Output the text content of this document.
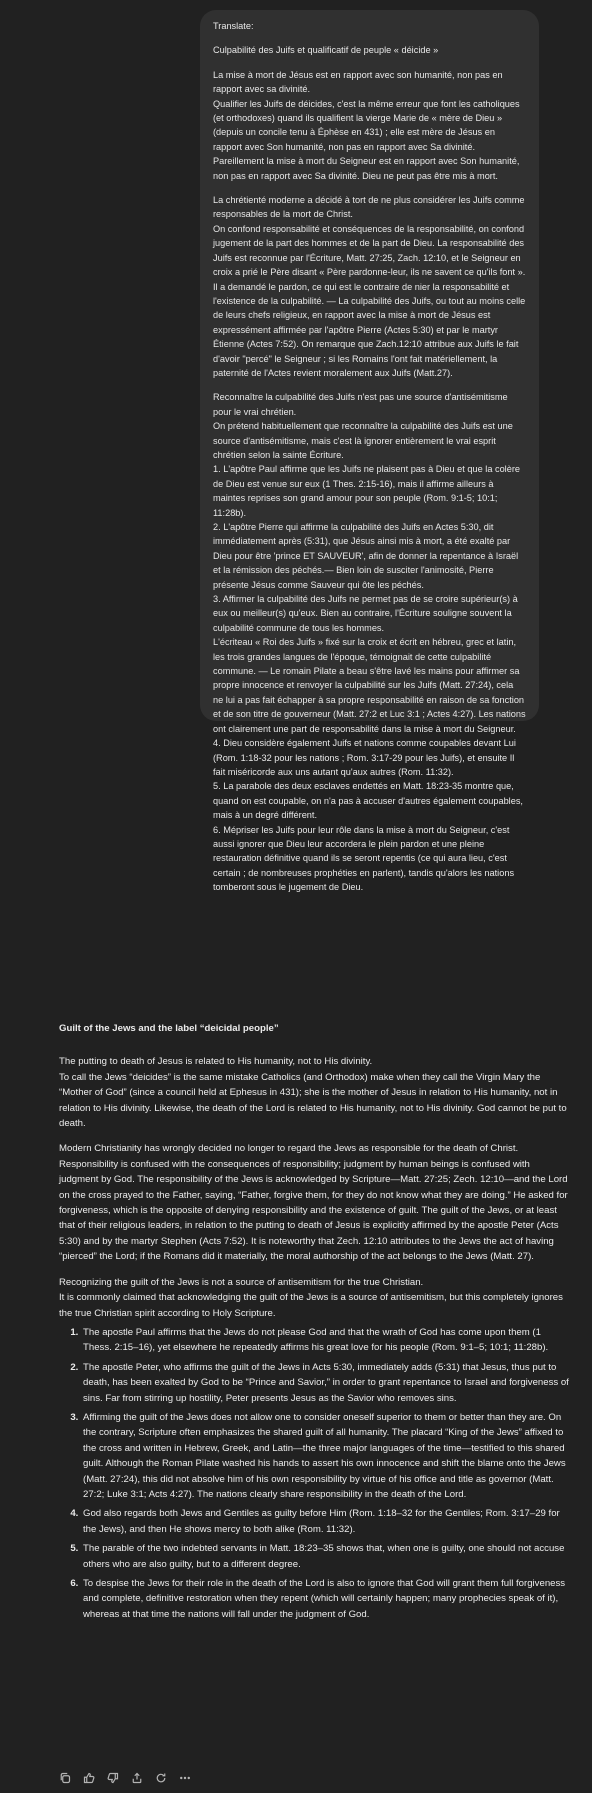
Translate:

Culpabilité des Juifs et qualificatif de peuple « déicide »

La mise à mort de Jésus est en rapport avec son humanité, non pas en rapport avec sa divinité.

Qualifier les Juifs de déicides, c'est la même erreur que font les catholiques (et orthodoxes) quand ils qualifient la vierge Marie de « mère de Dieu » (depuis un concile tenu à Éphèse en 431) ; elle est mère de Jésus en rapport avec Son humanité, non pas en rapport avec Sa divinité. Pareillement la mise à mort du Seigneur est en rapport avec Son humanité, non pas en rapport avec Sa divinité. Dieu ne peut pas être mis à mort.

La chrétienté moderne a décidé à tort de ne plus considérer les Juifs comme responsables de la mort de Christ.

On confond responsabilité et conséquences de la responsabilité, on confond jugement de la part des hommes et de la part de Dieu. La responsabilité des Juifs est reconnue par l'Écriture, Matt. 27:25, Zach. 12:10, et le Seigneur en croix a prié le Père disant « Père pardonne-leur, ils ne savent ce qu'ils font ». Il a demandé le pardon, ce qui est le contraire de nier la responsabilité et l'existence de la culpabilité. — La culpabilité des Juifs, ou tout au moins celle de leurs chefs religieux, en rapport avec la mise à mort de Jésus est expressément affirmée par l'apôtre Pierre (Actes 5:30) et par le martyr Étienne (Actes 7:52). On remarque que Zach.12:10 attribue aux Juifs le fait d'avoir "percé" le Seigneur ; si les Romains l'ont fait matériellement, la paternité de l'Actes revient moralement aux Juifs (Matt.27).

Reconnaître la culpabilité des Juifs n'est pas une source d'antisémitisme pour le vrai chrétien.

On prétend habituellement que reconnaître la culpabilité des Juifs est une source d'antisémitisme, mais c'est là ignorer entièrement le vrai esprit chrétien selon la sainte Écriture.

1. L'apôtre Paul affirme que les Juifs ne plaisent pas à Dieu et que la colère de Dieu est venue sur eux (1 Thes. 2:15-16), mais il affirme ailleurs à maintes reprises son grand amour pour son peuple (Rom. 9:1-5; 10:1; 11:28b).

2. L'apôtre Pierre qui affirme la culpabilité des Juifs en Actes 5:30, dit immédiatement après (5:31), que Jésus ainsi mis à mort, a été exalté par Dieu pour être 'prince ET SAUVEUR', afin de donner la repentance à Israël et la rémission des péchés.— Bien loin de susciter l'animosité, Pierre présente Jésus comme Sauveur qui ôte les péchés.

3. Affirmer la culpabilité des Juifs ne permet pas de se croire supérieur(s) à eux ou meilleur(s) qu'eux. Bien au contraire, l'Écriture souligne souvent la culpabilité commune de tous les hommes.

L'écriteau « Roi des Juifs » fixé sur la croix et écrit en hébreu, grec et latin, les trois grandes langues de l'époque, témoignait de cette culpabilité commune. — Le romain Pilate a beau s'être lavé les mains pour affirmer sa propre innocence et renvoyer la culpabilité sur les Juifs (Matt. 27:24), cela ne lui a pas fait échapper à sa propre responsabilité en raison de sa fonction et de son titre de gouverneur (Matt. 27:2 et Luc 3:1 ; Actes 4:27). Les nations ont clairement une part de responsabilité dans la mise à mort du Seigneur.

4. Dieu considère également Juifs et nations comme coupables devant Lui (Rom. 1:18-32 pour les nations ; Rom. 3:17-29 pour les Juifs), et ensuite Il fait miséricorde aux uns autant qu'aux autres (Rom. 11:32).

5. La parabole des deux esclaves endettés en Matt. 18:23-35 montre que, quand on est coupable, on n'a pas à accuser d'autres également coupables, mais à un degré différent.

6. Mépriser les Juifs pour leur rôle dans la mise à mort du Seigneur, c'est aussi ignorer que Dieu leur accordera le plein pardon et une pleine restauration définitive quand ils se seront repentis (ce qui aura lieu, c'est certain ; de nombreuses prophéties en parlent), tandis qu'alors les nations tomberont sous le jugement de Dieu.

Guilt of the Jews and the label “deicidal people”

The putting to death of Jesus is related to His humanity, not to His divinity.

To call the Jews “deicides” is the same mistake Catholics (and Orthodox) make when they call the Virgin Mary the “Mother of God” (since a council held at Ephesus in 431); she is the mother of Jesus in relation to His humanity, not in relation to His divinity. Likewise, the death of the Lord is related to His humanity, not to His divinity. God cannot be put to death.

Modern Christianity has wrongly decided no longer to regard the Jews as responsible for the death of Christ. Responsibility is confused with the consequences of responsibility; judgment by human beings is confused with judgment by God. The responsibility of the Jews is acknowledged by Scripture—Matt. 27:25; Zech. 12:10—and the Lord on the cross prayed to the Father, saying, “Father, forgive them, for they do not know what they are doing.” He asked for forgiveness, which is the opposite of denying responsibility and the existence of guilt. The guilt of the Jews, or at least that of their religious leaders, in relation to the putting to death of Jesus is explicitly affirmed by the apostle Peter (Acts 5:30) and by the martyr Stephen (Acts 7:52). It is noteworthy that Zech. 12:10 attributes to the Jews the act of having “pierced” the Lord; if the Romans did it materially, the moral authorship of the act belongs to the Jews (Matt. 27).

Recognizing the guilt of the Jews is not a source of antisemitism for the true Christian.

It is commonly claimed that acknowledging the guilt of the Jews is a source of antisemitism, but this completely ignores the true Christian spirit according to Holy Scripture.

1. The apostle Paul affirms that the Jews do not please God and that the wrath of God has come upon them (1 Thess. 2:15–16), yet elsewhere he repeatedly affirms his great love for his people (Rom. 9:1–5; 10:1; 11:28b).
2. The apostle Peter, who affirms the guilt of the Jews in Acts 5:30, immediately adds (5:31) that Jesus, thus put to death, has been exalted by God to be “Prince and Savior,” in order to grant repentance to Israel and forgiveness of sins. Far from stirring up hostility, Peter presents Jesus as the Savior who removes sins.
3. Affirming the guilt of the Jews does not allow one to consider oneself superior to them or better than they are. On the contrary, Scripture often emphasizes the shared guilt of all humanity. The placard “King of the Jews” affixed to the cross and written in Hebrew, Greek, and Latin—the three major languages of the time—testified to this shared guilt. Although the Roman Pilate washed his hands to assert his own innocence and shift the blame onto the Jews (Matt. 27:24), this did not absolve him of his own responsibility by virtue of his office and title as governor (Matt. 27:2; Luke 3:1; Acts 4:27). The nations clearly share responsibility in the death of the Lord.
4. God also regards both Jews and Gentiles as guilty before Him (Rom. 1:18–32 for the Gentiles; Rom. 3:17–29 for the Jews), and then He shows mercy to both alike (Rom. 11:32).
5. The parable of the two indebted servants in Matt. 18:23–35 shows that, when one is guilty, one should not accuse others who are also guilty, but to a different degree.
6. To despise the Jews for their role in the death of the Lord is also to ignore that God will grant them full forgiveness and complete, definitive restoration when they repent (which will certainly happen; many prophecies speak of it), whereas at that time the nations will fall under the judgment of God.
